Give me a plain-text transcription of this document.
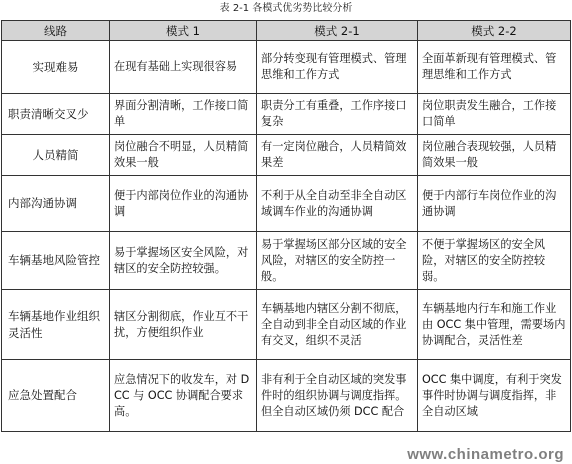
表 2-1 各模式优劣势比较分析
线路	模式 1	模式 2-1	模式 2-2
实现难易	在现有基础上实现很容易	部分转变现有管理模式、管理思维和工作方式	全面革新现有管理模式、管理思维和工作方式
职责清晰交叉少	界面分割清晰，工作接口简单	职责分工有重叠，工作序接口复杂	岗位职责发生融合，工作接口简单
人员精简	岗位融合不明显，人员精简效果一般	有一定岗位融合，人员精简效果差	岗位融合表现较强，人员精简效果一般
内部沟通协调	便于内部岗位作业的沟通协调	不利于从全自动至非全自动区域调车作业的沟通协调	便于内部行车岗位作业的沟通协调
车辆基地风险管控	易于掌握场区安全风险，对辖区的安全防控较强。	易于掌握场区部分区域的安全风险，对辖区的安全防控一般。	不便于掌握场区的安全风险，对辖区的安全防控较弱。
车辆基地作业组织灵活性	辖区分割彻底，作业互不干扰，方便组织作业	车辆基地内辖区分割不彻底，全自动到非全自动区域的作业有交叉，组织不灵活	车辆基地内行车和施工作业由 OCC 集中管理，需要场内协调配合，灵活性差
应急处置配合	应急情况下的收发车，对 DCC 与 OCC 协调配合要求高。	非有利于全自动区域的突发事件时的组织协调与调度指挥。但全自动区域仍须 DCC 配合	OCC 集中调度，有利于突发事件时协调与调度指挥，非全自动区域
www.chinametro.org
